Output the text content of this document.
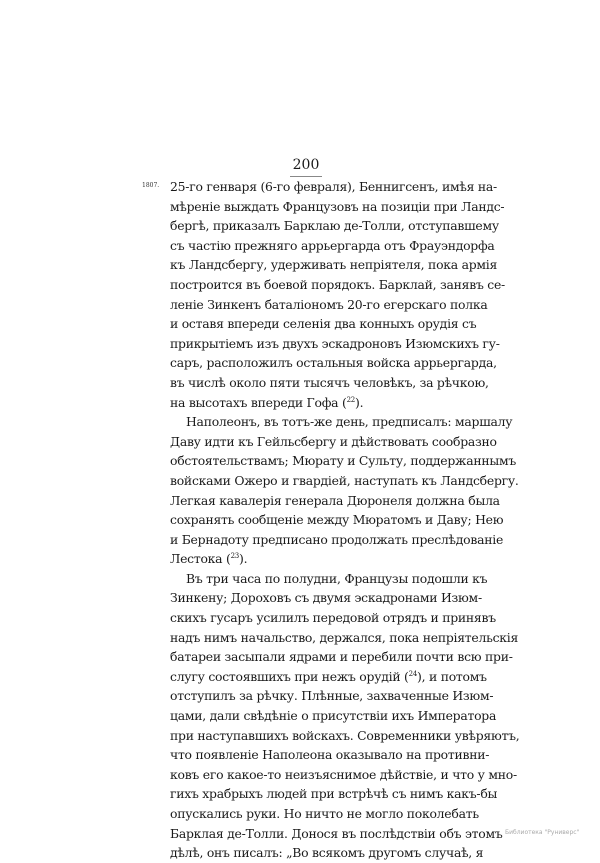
200
1807. 25-го генваря (6-го февраля), Беннигсенъ, имѣя на-
мѣреніе выждать Французовъ на позиціи при Ландс-
бергѣ, приказалъ Барклаю де-Толли, отступавшему
съ частію прежняго аррьергарда отъ Фрауэндорфа
къ Ландсбергу, удерживать непріятеля, пока армія
построится въ боевой порядокъ. Барклай, занявъ се-
леніе Зинкенъ баталіономъ 20-го егерскаго полка
и оставя впереди селенія два конныхъ орудія съ
прикрытіемъ изъ двухъ эскадроновъ Изюмскихъ гу-
саръ, расположилъ остальныя войска аррьергарда,
въ числѣ около пяти тысячъ человѣкъ, за рѣчкою,
на высотахъ впереди Гофа ($^{22}$).
Наполеонъ, въ тотъ-же день, предписалъ: маршалу
Даву идти къ Гейльсбергу и дѣйствовать сообразно
обстоятельствамъ; Мюрату и Сульту, поддержаннымъ
войсками Ожеро и гвардіей, наступать къ Ландсбергу.
Легкая кавалерія генерала Дюронеля должна была
сохранять сообщеніе между Мюратомъ и Даву; Нею
и Бернадоту предписано продолжать преслѣдованіе
Лестока ($^{23}$).
Въ три часа по полудни, Французы подошли къ
Зинкену; Дороховъ съ двумя эскадронами Изюм-
скихъ гусаръ усилилъ передовой отрядъ и принявъ
надъ нимъ начальство, держался, пока непріятельскія
батареи засыпали ядрами и перебили почти всю при-
слугу состоявшихъ при нежъ орудій ($^{24}$), и потомъ
отступилъ за рѣчку. Плѣнные, захваченные Изюм-
цами, дали свѣдѣніе о присутствіи ихъ Императора
при наступавшихъ войскахъ. Современники увѣряютъ,
что появленіе Наполеона оказывало на противни-
ковъ его какое-то неизъяснимое дѣйствіе, и что у мно-
гихъ храбрыхъ людей при встрѣчѣ съ нимъ какъ-бы
опускались руки. Но ничто не могло поколебать
Барклая де-Толли. Донося въ послѣдствіи объ этомъ
дѣлѣ, онъ писалъ: „Во всякомъ другомъ случаѣ, я
Библиотека "Руниверс"
